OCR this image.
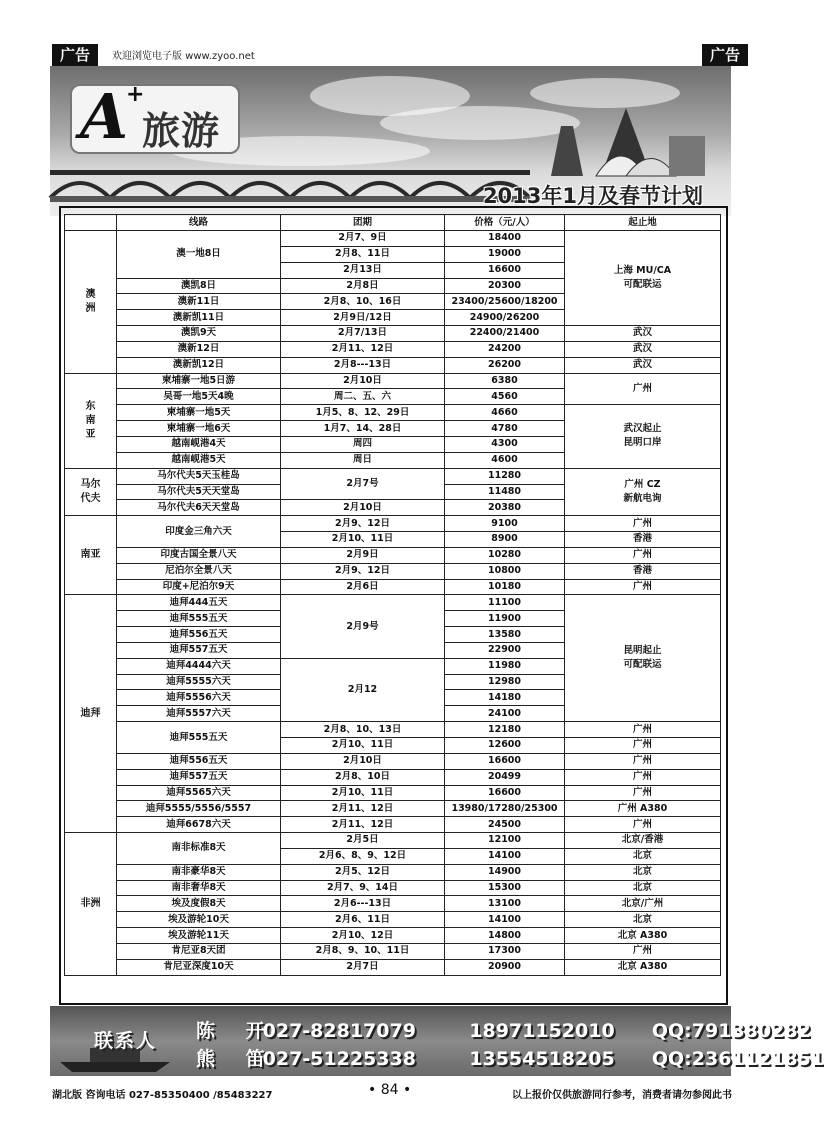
广告	欢迎浏览电子版 www.zyoo.net	广告
A
+
旅游
2013年1月及春节计划
	线路	团期	价格（元/人）	起止地
澳
洲	澳一地8日	2月7、9日	18400	上海 MU/CA
可配联运
		2月8、11日	19000	
		2月13日	16600	
	澳凯8日	2月8日	20300	
	澳新11日	2月8、10、16日	23400/25600/18200	
	澳新凯11日	2月9日/12日	24900/26200	
	澳凯9天	2月7/13日	22400/21400	武汉
	澳新12日	2月11、12日	24200	武汉
	澳新凯12日	2月8---13日	26200	武汉
东
南
亚	柬埔寨一地5日游	2月10日	6380	广州
	吴哥一地5天4晚	周二、五、六	4560	
	柬埔寨一地5天	1月5、8、12、29日	4660	武汉起止
昆明口岸
	柬埔寨一地6天	1月7、14、28日	4780	
	越南岘港4天	周四	4300	
	越南岘港5天	周日	4600	
马尔
代夫	马尔代夫5天玉桂岛	2月7号	11280	广州 CZ
新航电询
	马尔代夫5天天堂岛		11480	
	马尔代夫6天天堂岛	2月10日	20380	
南亚	印度金三角六天	2月9、12日	9100	广州
		2月10、11日	8900	香港
	印度古国全景八天	2月9日	10280	广州
	尼泊尔全景八天	2月9、12日	10800	香港
	印度+尼泊尔9天	2月6日	10180	广州
迪拜	迪拜444五天	2月9号	11100	昆明起止
可配联运
	迪拜555五天		11900	
	迪拜556五天		13580	
	迪拜557五天		22900	
	迪拜4444六天	2月12	11980	
	迪拜5555六天		12980	
	迪拜5556六天		14180	
	迪拜5557六天		24100	
	迪拜555五天	2月8、10、13日	12180	广州
		2月10、11日	12600	广州
	迪拜556五天	2月10日	16600	广州
	迪拜557五天	2月8、10日	20499	广州
	迪拜5565六天	2月10、11日	16600	广州
	迪拜5555/5556/5557	2月11、12日	13980/17280/25300	广州 A380
	迪拜6678六天	2月11、12日	24500	广州
非洲	南非标准8天	2月5日	12100	北京/香港
		2月6、8、9、12日	14100	北京
	南非豪华8天	2月5、12日	14900	北京
	南非奢华8天	2月7、9、14日	15300	北京
	埃及度假8天	2月6---13日	13100	北京/广州
	埃及游轮10天	2月6、11日	14100	北京
	埃及游轮11天	2月10、12日	14800	北京 A380
	肯尼亚8天团	2月8、9、10、11日	17300	广州
	肯尼亚深度10天	2月7日	20900	北京 A380
联系人 陈 开 027-82817079	18971152010 QQ:791380282
熊 笛 027-51225338	13554518205 QQ:2361121851
湖北版 咨询电话 027-85350400 /85483227	• 84 •	以上报价仅供旅游同行参考，消费者请勿参阅此书
